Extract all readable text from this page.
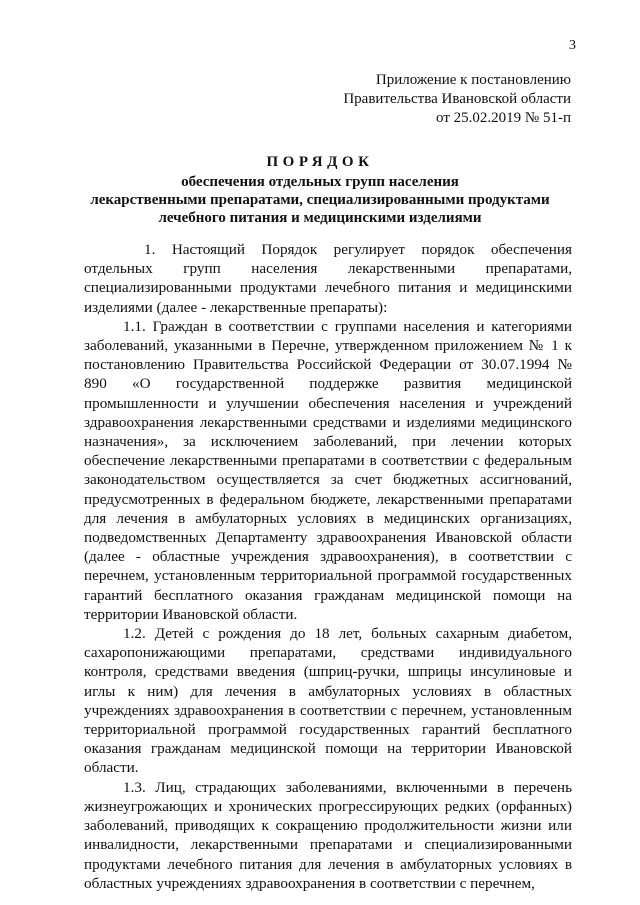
3
Приложение к постановлению
Правительства Ивановской области
от 25.02.2019 № 51-п
ПОРЯДОК
обеспечения отдельных групп населения
лекарственными препаратами, специализированными продуктами
лечебного питания и медицинскими изделиями

1. Настоящий Порядок регулирует порядок обеспечения отдельных групп населения лекарственными препаратами, специализированными продуктами лечебного питания и медицинскими изделиями (далее - лекарственные препараты):

1.1. Граждан в соответствии с группами населения и категориями заболеваний, указанными в Перечне, утвержденном приложением № 1 к постановлению Правительства Российской Федерации от 30.07.1994 № 890 «О государственной поддержке развития медицинской промышленности и улучшении обеспечения населения и учреждений здравоохранения лекарственными средствами и изделиями медицинского назначения», за исключением заболеваний, при лечении которых обеспечение лекарственными препаратами в соответствии с федеральным законодательством осуществляется за счет бюджетных ассигнований, предусмотренных в федеральном бюджете, лекарственными препаратами для лечения в амбулаторных условиях в медицинских организациях, подведомственных Департаменту здравоохранения Ивановской области (далее - областные учреждения здравоохранения), в соответствии с перечнем, установленным территориальной программой государственных гарантий бесплатного оказания гражданам медицинской помощи на территории Ивановской области.

1.2. Детей с рождения до 18 лет, больных сахарным диабетом, сахаропонижающими препаратами, средствами индивидуального контроля, средствами введения (шприц-ручки, шприцы инсулиновые и иглы к ним) для лечения в амбулаторных условиях в областных учреждениях здравоохранения в соответствии с перечнем, установленным территориальной программой государственных гарантий бесплатного оказания гражданам медицинской помощи на территории Ивановской области.

1.3. Лиц, страдающих заболеваниями, включенными в перечень жизнеугрожающих и хронических прогрессирующих редких (орфанных) заболеваний, приводящих к сокращению продолжительности жизни или инвалидности, лекарственными препаратами и специализированными продуктами лечебного питания для лечения в амбулаторных условиях в областных учреждениях здравоохранения в соответствии с перечнем,
